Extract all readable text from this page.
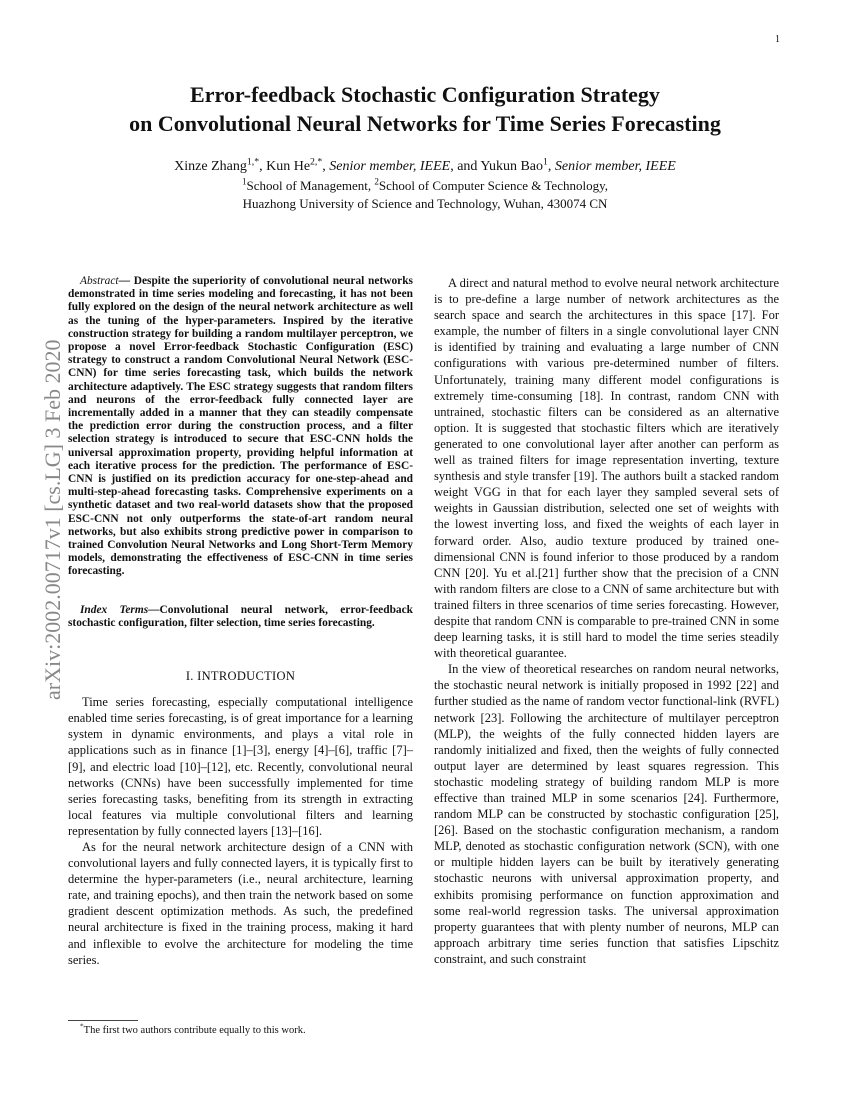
1
arXiv:2002.00717v1 [cs.LG] 3 Feb 2020
Error-feedback Stochastic Configuration Strategy
on Convolutional Neural Networks for Time Series Forecasting
Xinze Zhang$^{1,*}$, Kun $He^{2,*}$, Senior member, IEEE, and Yukun Bao$^1$, Senior member, IEEE
$^1$School of Management, $^2$School of Computer Science & Technology,
Huazhong University of Science and Technology, Wuhan, 430074 CN

Abstract— Despite the superiority of convolutional neural networks demonstrated in time series modeling and forecasting, it has not been fully explored on the design of the neural network architecture as well as the tuning of the hyper-parameters. Inspired by the iterative construction strategy for building a random multilayer perceptron, we propose a novel Error-feedback Stochastic Configuration (ESC) strategy to construct a random Convolutional Neural Network (ESC-CNN) for time series forecasting task, which builds the network architecture adaptively. The ESC strategy suggests that random filters and neurons of the error-feedback fully connected layer are incrementally added in a manner that they can steadily compensate the prediction error during the construction process, and a filter selection strategy is introduced to secure that ESC-CNN holds the universal approximation property, providing helpful information at each iterative process for the prediction. The performance of ESC-CNN is justified on its prediction accuracy for one-step-ahead and multi-step-ahead forecasting tasks. Comprehensive experiments on a synthetic dataset and two real-world datasets show that the proposed ESC-CNN not only outperforms the state-of-art random neural networks, but also exhibits strong predictive power in comparison to trained Convolution Neural Networks and Long Short-Term Memory models, demonstrating the effectiveness of ESC-CNN in time series forecasting.

Index Terms—Convolutional neural network, error-feedback stochastic configuration, filter selection, time series forecasting.

I. INTRODUCTION

Time series forecasting, especially computational intelligence enabled time series forecasting, is of great importance for a learning system in dynamic environments, and plays a vital role in applications such as in finance [1]–[3], energy [4]–[6], traffic [7]–[9], and electric load [10]–[12], etc. Recently, convolutional neural networks (CNNs) have been successfully implemented for time series forecasting tasks, benefiting from its strength in extracting local features via multiple convolutional filters and learning representation by fully connected layers [13]–[16].

As for the neural network architecture design of a CNN with convolutional layers and fully connected layers, it is typically first to determine the hyper-parameters (i.e., neural architecture, learning rate, and training epochs), and then train the network based on some gradient descent optimization methods. As such, the predefined neural architecture is fixed in the training process, making it hard and inflexible to evolve the architecture for modeling the time series.

A direct and natural method to evolve neural network architecture is to pre-define a large number of network architectures as the search space and search the architectures in this space [17]. For example, the number of filters in a single convolutional layer CNN is identified by training and evaluating a large number of CNN configurations with various pre-determined number of filters. Unfortunately, training many different model configurations is extremely time-consuming [18]. In contrast, random CNN with untrained, stochastic filters can be considered as an alternative option. It is suggested that stochastic filters which are iteratively generated to one convolutional layer after another can perform as well as trained filters for image representation inverting, texture synthesis and style transfer [19]. The authors built a stacked random weight VGG in that for each layer they sampled several sets of weights in Gaussian distribution, selected one set of weights with the lowest inverting loss, and fixed the weights of each layer in forward order. Also, audio texture produced by trained one-dimensional CNN is found inferior to those produced by a random CNN [20]. Yu et al.[21] further show that the precision of a CNN with random filters are close to a CNN of same architecture but with trained filters in three scenarios of time series forecasting. However, despite that random CNN is comparable to pre-trained CNN in some deep learning tasks, it is still hard to model the time series steadily with theoretical guarantee.

In the view of theoretical researches on random neural networks, the stochastic neural network is initially proposed in 1992 [22] and further studied as the name of random vector functional-link (RVFL) network [23]. Following the architecture of multilayer perceptron (MLP), the weights of the fully connected hidden layers are randomly initialized and fixed, then the weights of fully connected output layer are determined by least squares regression. This stochastic modeling strategy of building random MLP is more effective than trained MLP in some scenarios [24]. Furthermore, random MLP can be constructed by stochastic configuration [25], [26]. Based on the stochastic configuration mechanism, a random MLP, denoted as stochastic configuration network (SCN), with one or multiple hidden layers can be built by iteratively generating stochastic neurons with universal approximation property, and exhibits promising performance on function approximation and some real-world regression tasks. The universal approximation property guarantees that with plenty number of neurons, MLP can approach arbitrary time series function that satisfies Lipschitz constraint, and such constraint

*The first two authors contribute equally to this work.
